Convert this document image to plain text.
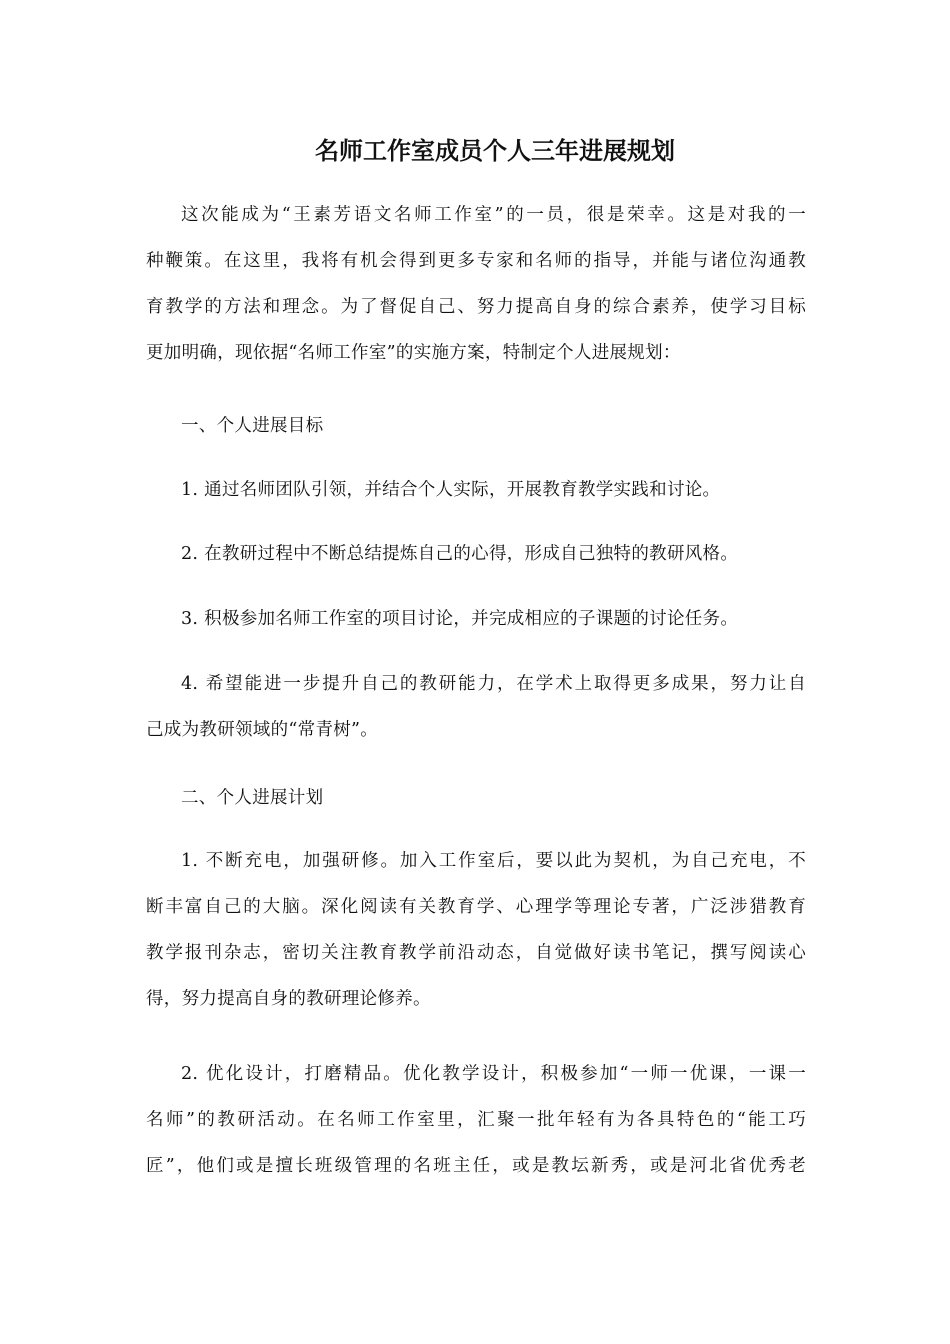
名师工作室成员个人三年进展规划
这次能成为“王素芳语文名师工作室”的一员，很是荣幸。这是对我的一
种鞭策。在这里，我将有机会得到更多专家和名师的指导，并能与诸位沟通教
育教学的方法和理念。为了督促自己、努力提高自身的综合素养，使学习目标
更加明确，现依据“名师工作室”的实施方案，特制定个人进展规划：
一、个人进展目标
1. 通过名师团队引领，并结合个人实际，开展教育教学实践和讨论。
2. 在教研过程中不断总结提炼自己的心得，形成自己独特的教研风格。
3. 积极参加名师工作室的项目讨论，并完成相应的子课题的讨论任务。
4. 希望能进一步提升自己的教研能力，在学术上取得更多成果，努力让自
己成为教研领域的“常青树”。
二、个人进展计划
1. 不断充电，加强研修。加入工作室后，要以此为契机，为自己充电，不
断丰富自己的大脑。深化阅读有关教育学、心理学等理论专著，广泛涉猎教育
教学报刊杂志，密切关注教育教学前沿动态，自觉做好读书笔记，撰写阅读心
得，努力提高自身的教研理论修养。
2. 优化设计，打磨精品。优化教学设计，积极参加“一师一优课，一课一
名师”的教研活动。在名师工作室里，汇聚一批年轻有为各具特色的“能工巧
匠”，他们或是擅长班级管理的名班主任，或是教坛新秀，或是河北省优秀老
